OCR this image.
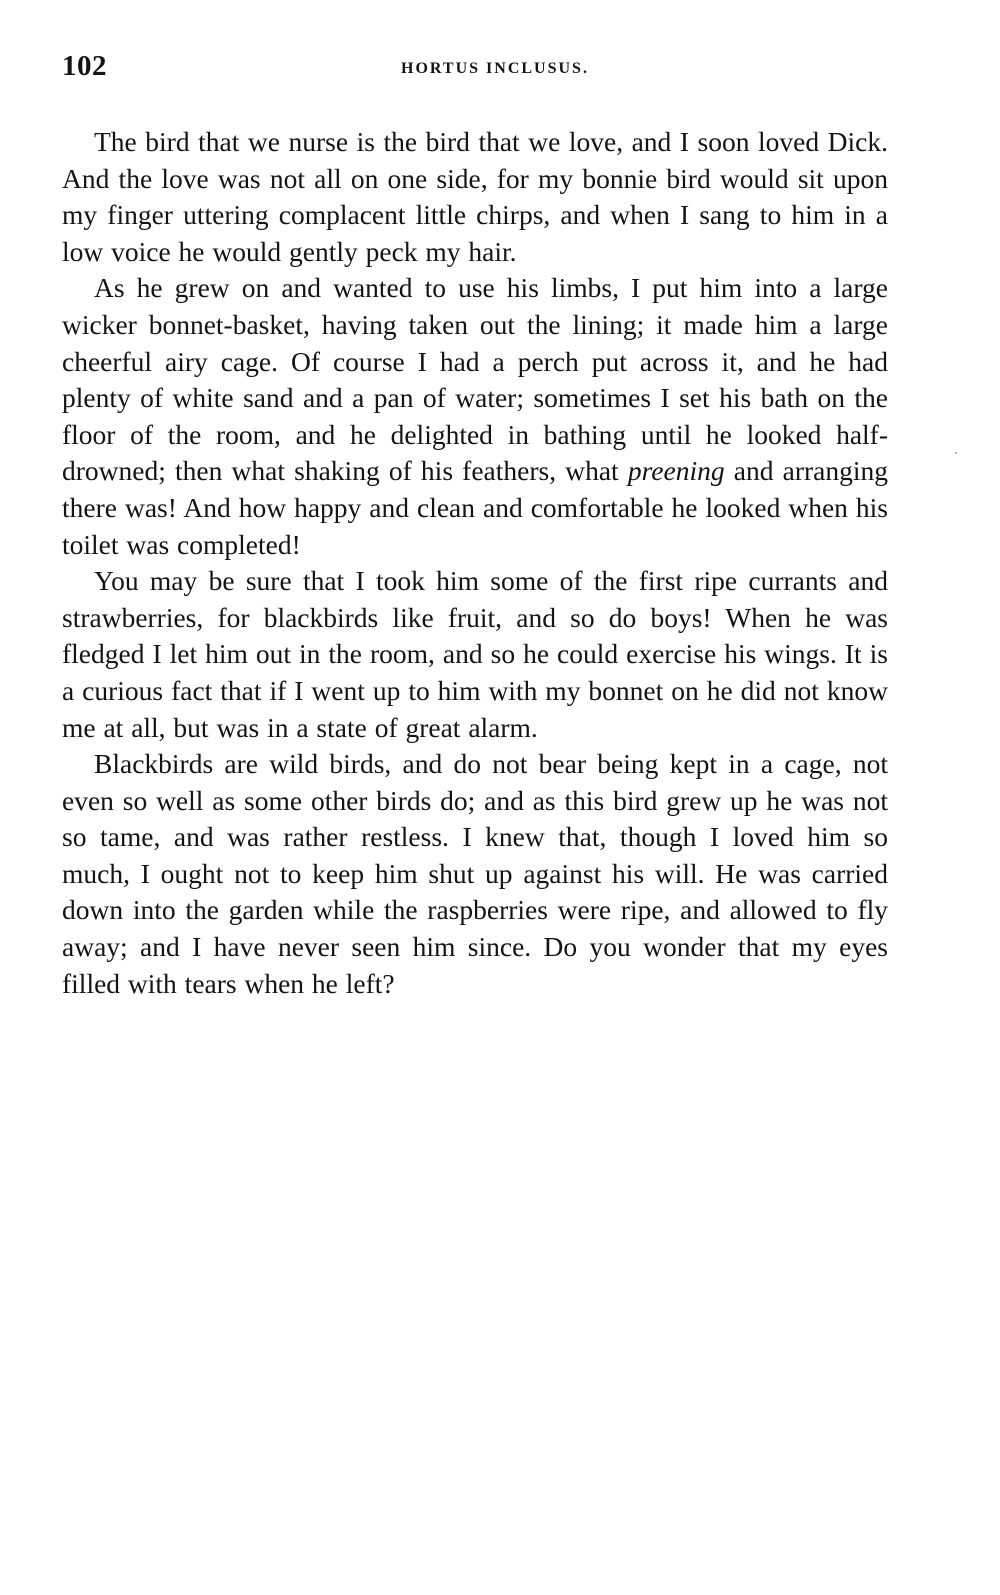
102	HORTUS INCLUSUS.

The bird that we nurse is the bird that we love, and I soon loved Dick. And the love was not all on one side, for my bonnie bird would sit upon my finger uttering complacent little chirps, and when I sang to him in a low voice he would gently peck my hair.

As he grew on and wanted to use his limbs, I put him into a large wicker bonnet-basket, having taken out the lining; it made him a large cheerful airy cage. Of course I had a perch put across it, and he had plenty of white sand and a pan of water; sometimes I set his bath on the floor of the room, and he delighted in bathing until he looked half-drowned; then what shaking of his feathers, what preening and arranging there was! And how happy and clean and comfortable he looked when his toilet was completed!

You may be sure that I took him some of the first ripe currants and strawberries, for blackbirds like fruit, and so do boys! When he was fledged I let him out in the room, and so he could exercise his wings. It is a curious fact that if I went up to him with my bonnet on he did not know me at all, but was in a state of great alarm.

Blackbirds are wild birds, and do not bear being kept in a cage, not even so well as some other birds do; and as this bird grew up he was not so tame, and was rather restless. I knew that, though I loved him so much, I ought not to keep him shut up against his will. He was carried down into the garden while the raspberries were ripe, and allowed to fly away; and I have never seen him since. Do you wonder that my eyes filled with tears when he left?
